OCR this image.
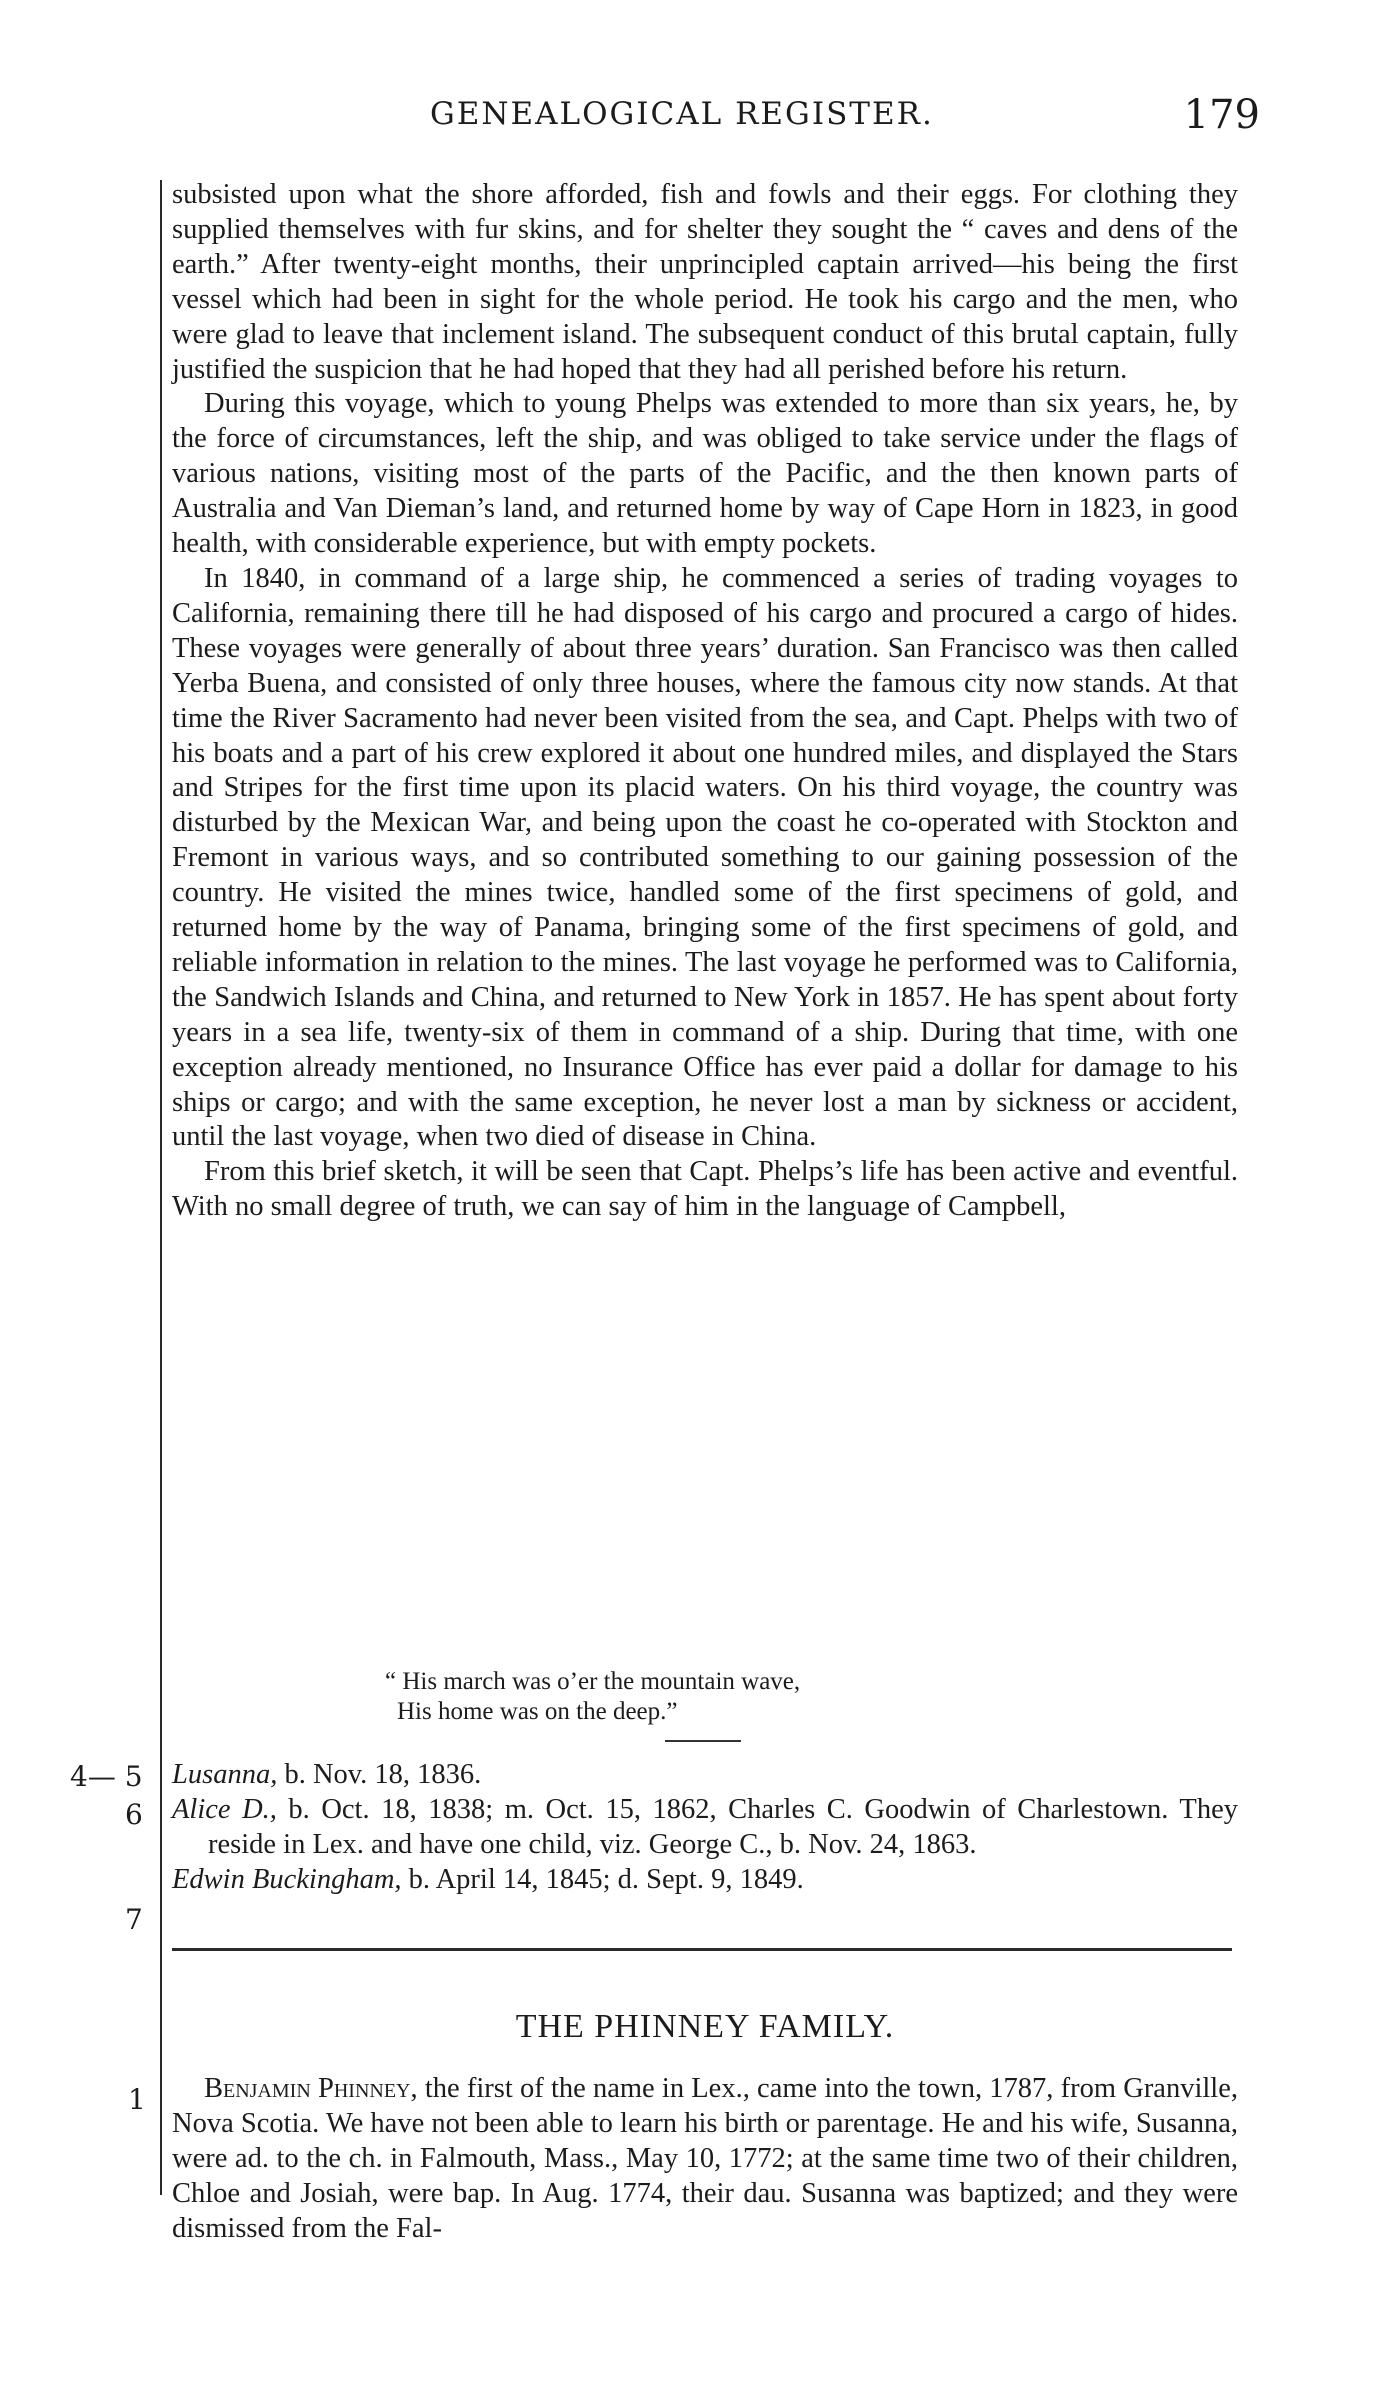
GENEALOGICAL REGISTER.	179

subsisted upon what the shore afforded, fish and fowls and their eggs. For clothing they supplied themselves with fur skins, and for shelter they sought the “ caves and dens of the earth.” After twenty-eight months, their unprincipled captain arrived—his being the first vessel which had been in sight for the whole period. He took his cargo and the men, who were glad to leave that inclement island. The subsequent conduct of this brutal captain, fully justified the suspicion that he had hoped that they had all perished before his return.

During this voyage, which to young Phelps was extended to more than six years, he, by the force of circumstances, left the ship, and was obliged to take service under the flags of various nations, visiting most of the parts of the Pacific, and the then known parts of Australia and Van Dieman’s land, and returned home by way of Cape Horn in 1823, in good health, with considerable experience, but with empty pockets.

In 1840, in command of a large ship, he commenced a series of trading voyages to California, remaining there till he had disposed of his cargo and procured a cargo of hides. These voyages were generally of about three years’ duration. San Francisco was then called Yerba Buena, and consisted of only three houses, where the famous city now stands. At that time the River Sacramento had never been visited from the sea, and Capt. Phelps with two of his boats and a part of his crew explored it about one hundred miles, and displayed the Stars and Stripes for the first time upon its placid waters. On his third voyage, the country was disturbed by the Mexican War, and being upon the coast he co-operated with Stockton and Fremont in various ways, and so contributed something to our gaining possession of the country. He visited the mines twice, handled some of the first specimens of gold, and returned home by the way of Panama, bringing some of the first specimens of gold, and reliable information in relation to the mines. The last voyage he performed was to California, the Sandwich Islands and China, and returned to New York in 1857. He has spent about forty years in a sea life, twenty-six of them in command of a ship. During that time, with one exception already mentioned, no Insurance Office has ever paid a dollar for damage to his ships or cargo; and with the same exception, he never lost a man by sickness or accident, until the last voyage, when two died of disease in China.

From this brief sketch, it will be seen that Capt. Phelps’s life has been active and eventful. With no small degree of truth, we can say of him in the language of Campbell,

“ His march was o’er the mountain wave,
His home was on the deep.”
4— 5
6
7
Lusanna, b. Nov. 18, 1836.
Alice D., b. Oct. 18, 1838; m. Oct. 15, 1862, Charles C. Goodwin of Charlestown. They reside in Lex. and have one child, viz. George C., b. Nov. 24, 1863.
Edwin Buckingham, b. April 14, 1845; d. Sept. 9, 1849.
THE PHINNEY FAMILY.
1	Benjamin Phinney, the first of the name in Lex., came into the town, 1787, from Granville, Nova Scotia. We have not been able to learn his birth or parentage. He and his wife, Susanna, were ad. to the ch. in Falmouth, Mass., May 10, 1772; at the same time two of their children, Chloe and Josiah, were bap. In Aug. 1774, their dau. Susanna was baptized; and they were dismissed from the Fal-
